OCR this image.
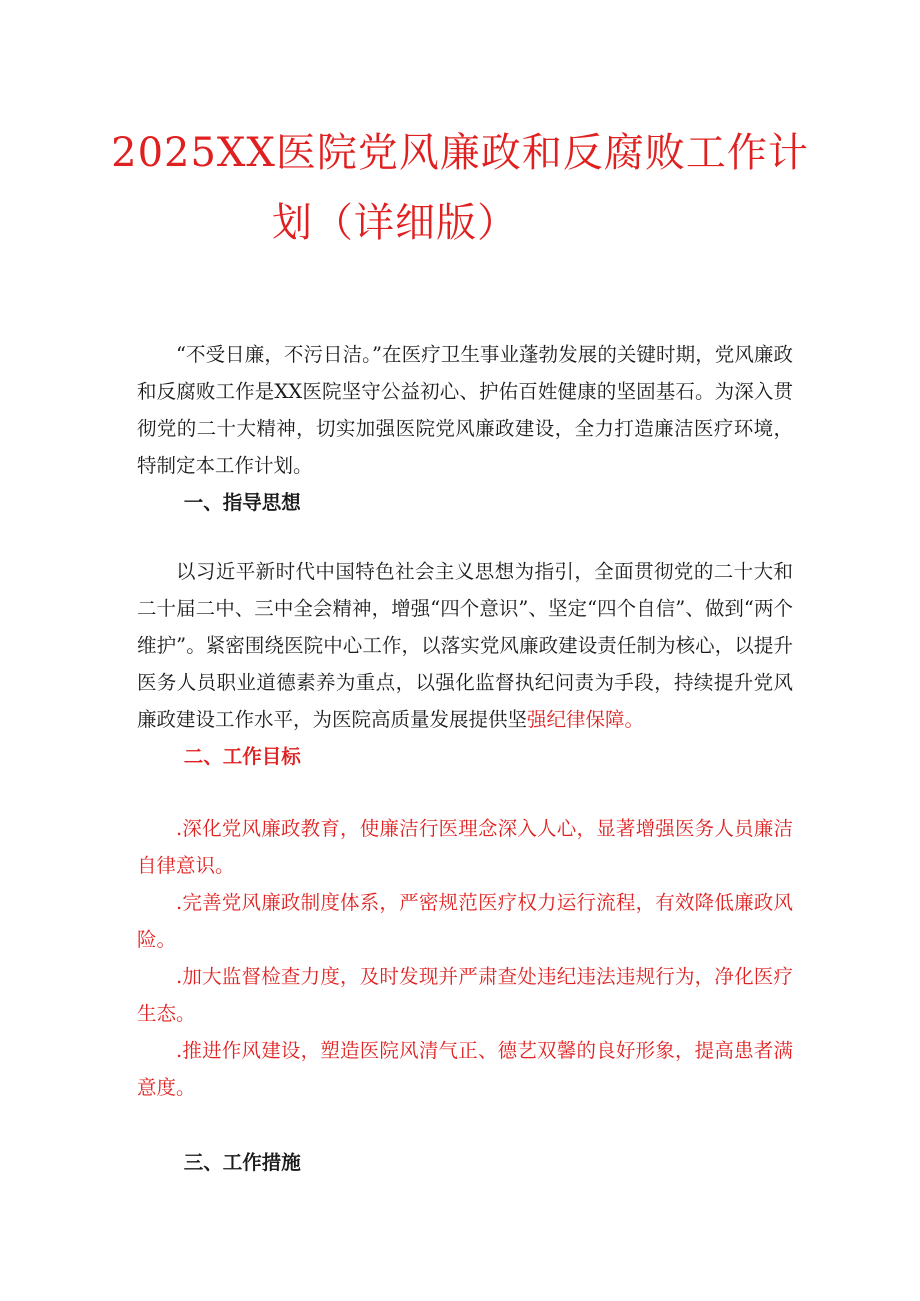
2025XX医院党风廉政和反腐败工作计
划（详细版）

“不受日廉，不污日洁。”在医疗卫生事业蓬勃发展的关键时期，党风廉政和反腐败工作是XX医院坚守公益初心、护佑百姓健康的坚固基石。为深入贯彻党的二十大精神，切实加强医院党风廉政建设，全力打造廉洁医疗环境，特制定本工作计划。

一、指导思想

以习近平新时代中国特色社会主义思想为指引，全面贯彻党的二十大和二十届二中、三中全会精神，增强“四个意识”、坚定“四个自信”、做到“两个维护”。紧密围绕医院中心工作，以落实党风廉政建设责任制为核心，以提升医务人员职业道德素养为重点，以强化监督执纪问责为手段，持续提升党风廉政建设工作水平，为医院高质量发展提供坚强纪律保障。

二、工作目标

.深化党风廉政教育，使廉洁行医理念深入人心，显著增强医务人员廉洁自律意识。

.完善党风廉政制度体系，严密规范医疗权力运行流程，有效降低廉政风险。

.加大监督检查力度，及时发现并严肃查处违纪违法违规行为，净化医疗生态。

.推进作风建设，塑造医院风清气正、德艺双馨的良好形象，提高患者满意度。

三、工作措施
